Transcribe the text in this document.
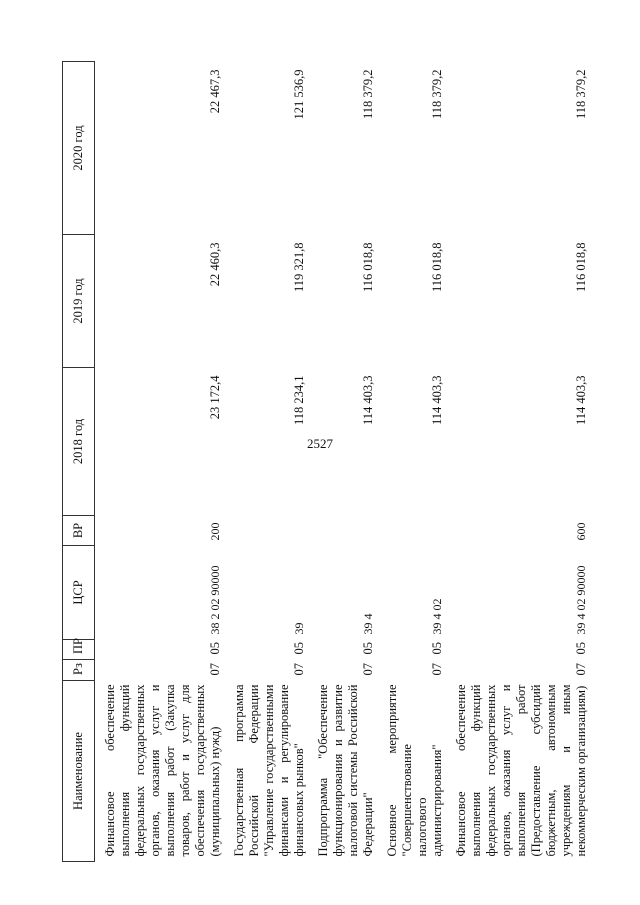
2527
Наименование	Рз	ПР	ЦСР	ВР	2018 год	2019 год	2020 год
Финансовое обеспечение выполнения функций федеральных государственных органов, оказания услуг и выполнения работ (Закупка товаров, работ и услуг для обеспечения государственных (муниципальных) нужд)	07	05	38 2 02 90000	200	23 172,4	22 460,3	22 467,3
Государственная программа Российской Федерации "Управление государственными финансами и регулирование финансовых рынков"	07	05	39		118 234,1	119 321,8	121 536,9
Подпрограмма "Обеспечение функционирования и развитие налоговой системы Российской Федерации"	07	05	39 4		114 403,3	116 018,8	118 379,2
Основное мероприятие "Совершенствование налогового администрирования"	07	05	39 4 02		114 403,3	116 018,8	118 379,2
Финансовое обеспечение выполнения функций федеральных государственных органов, оказания услуг и выполнения работ (Предоставление субсидий бюджетным, автономным учреждениям и иным некоммерческим организациям)	07	05	39 4 02 90000	600	114 403,3	116 018,8	118 379,2
